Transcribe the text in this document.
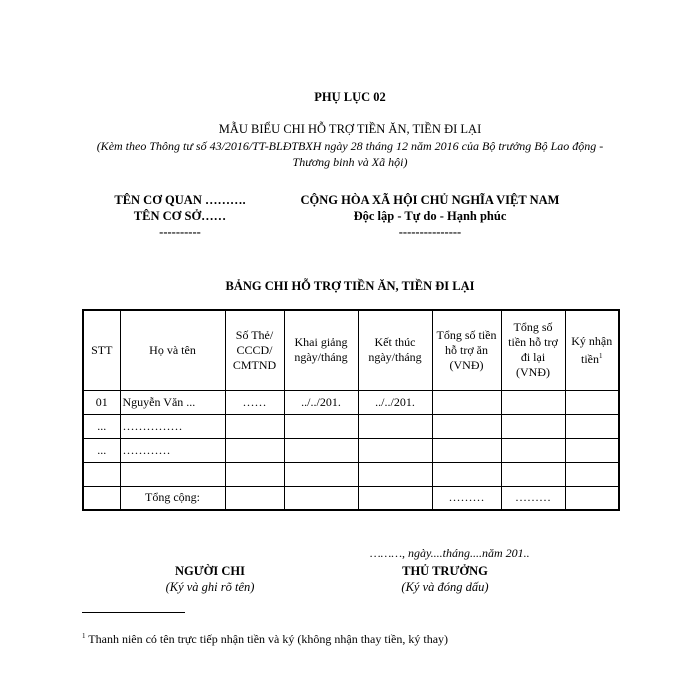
PHỤ LỤC 02
MẪU BIỂU CHI HỖ TRỢ TIỀN ĂN, TIỀN ĐI LẠI
(Kèm theo Thông tư số 43/2016/TT-BLĐTBXH ngày 28 tháng 12 năm 2016 của Bộ trưởng Bộ Lao động - Thương binh và Xã hội)
TÊN CƠ QUAN ……….
TÊN CƠ SỞ……
----------
CỘNG HÒA XÃ HỘI CHỦ NGHĨA VIỆT NAM
Độc lập - Tự do - Hạnh phúc
---------------
BẢNG CHI HỖ TRỢ TIỀN ĂN, TIỀN ĐI LẠI
STT	Họ và tên	Số Thẻ/ CCCD/ CMTND	Khai giảng ngày/tháng	Kết thúc ngày/tháng	Tổng số tiền hỗ trợ ăn (VNĐ)	Tổng số tiền hỗ trợ đi lại (VNĐ)	Ký nhận tiền$^1$
01	Nguyễn Văn ...	……	../../201.	../../201.			
...	……………						
...	…………						

	Tổng cộng:				………	………	
………, ngày....tháng....năm 201..
NGƯỜI CHI
(Ký và ghi rõ tên)
THỦ TRƯỞNG
(Ký và đóng dấu)
$^1$ Thanh niên có tên trực tiếp nhận tiền và ký (không nhận thay tiền, ký thay)
